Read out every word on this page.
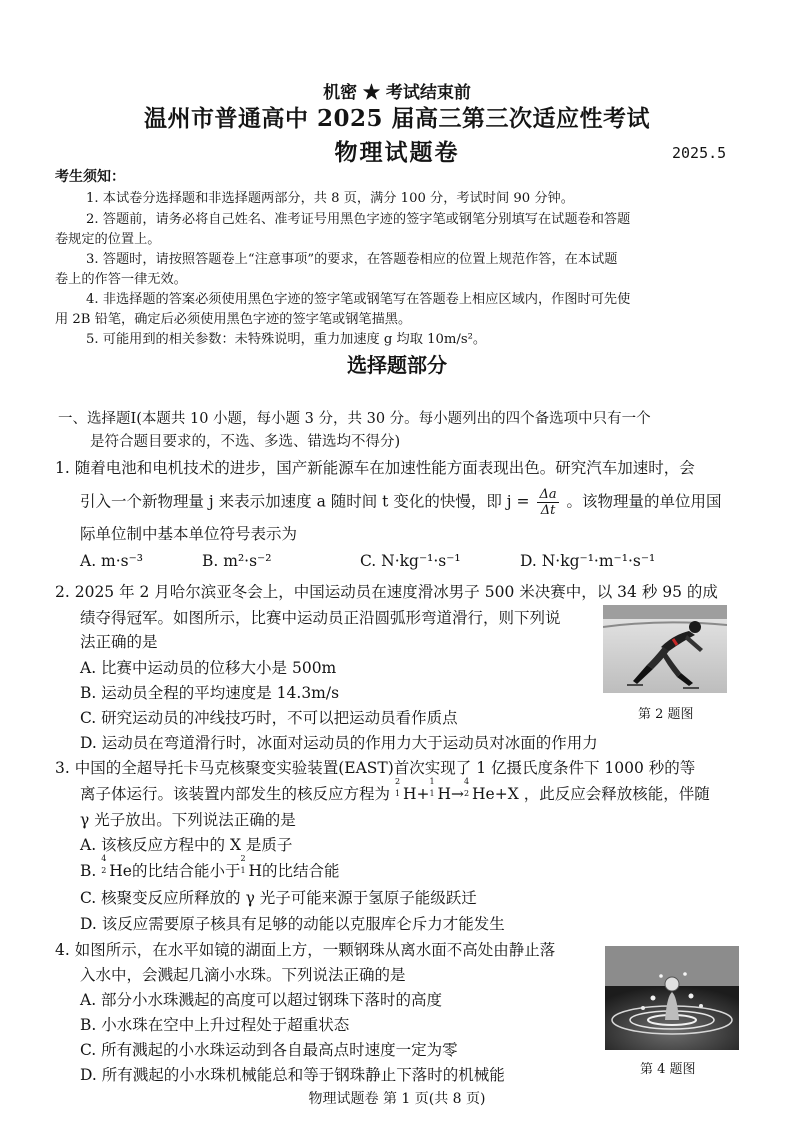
机密 ★ 考试结束前
温州市普通高中 2025 届高三第三次适应性考试
物理试题卷	2025.5
考生须知：
1. 本试卷分选择题和非选择题两部分，共 8 页，满分 100 分，考试时间 90 分钟。
2. 答题前，请务必将自己姓名、准考证号用黑色字迹的签字笔或钢笔分别填写在试题卷和答题
卷规定的位置上。
3. 答题时，请按照答题卷上“注意事项”的要求，在答题卷相应的位置上规范作答，在本试题
卷上的作答一律无效。
4. 非选择题的答案必须使用黑色字迹的签字笔或钢笔写在答题卷上相应区域内，作图时可先使
用 2B 铅笔，确定后必须使用黑色字迹的签字笔或钢笔描黑。
5. 可能用到的相关参数：未特殊说明，重力加速度 g 均取 10m/s²。
选择题部分
一、选择题Ⅰ(本题共 10 小题，每小题 3 分，共 30 分。每小题列出的四个备选项中只有一个
是符合题目要求的，不选、多选、错选均不得分)
1. 随着电池和电机技术的进步，国产新能源车在加速性能方面表现出色。研究汽车加速时，会
引入一个新物理量 j 来表示加速度 a 随时间 t 变化的快慢，即 $j = \frac{\Delta a}{\Delta t}$ 。该物理量的单位用国
际单位制中基本单位符号表示为
A. m·s⁻³	B. m²·s⁻²	C. N·kg⁻¹·s⁻¹	D. N·kg⁻¹·m⁻¹·s⁻¹
2. 2025 年 2 月哈尔滨亚冬会上，中国运动员在速度滑冰男子 500 米决赛中，以 34 秒 95 的成
绩夺得冠军。如图所示，比赛中运动员正沿圆弧形弯道滑行，则下列说
法正确的是
A. 比赛中运动员的位移大小是 500m
B. 运动员全程的平均速度是 14.3m/s
C. 研究运动员的冲线技巧时，不可以把运动员看作质点
D. 运动员在弯道滑行时，冰面对运动员的作用力大于运动员对冰面的作用力
第 2 题图
3. 中国的全超导托卡马克核聚变实验装置(EAST)首次实现了 1 亿摄氏度条件下 1000 秒的等
离子体运行。该装置内部发生的核反应方程为
2
1 H+
1
1 H→
4
2 He+X ，此反应会释放核能，伴随
γ 光子放出。下列说法正确的是
A. 该核反应方程中的 X 是质子
B.
4
2 He的比结合能小于
2
1 H的比结合能
C. 核聚变反应所释放的 γ 光子可能来源于氢原子能级跃迁
D. 该反应需要原子核具有足够的动能以克服库仑斥力才能发生
4. 如图所示，在水平如镜的湖面上方，一颗钢珠从离水面不高处由静止落
入水中，会溅起几滴小水珠。下列说法正确的是
A. 部分小水珠溅起的高度可以超过钢珠下落时的高度
B. 小水珠在空中上升过程处于超重状态
C. 所有溅起的小水珠运动到各自最高点时速度一定为零
D. 所有溅起的小水珠机械能总和等于钢珠静止下落时的机械能	第 4 题图
物理试题卷 第 1 页(共 8 页)
